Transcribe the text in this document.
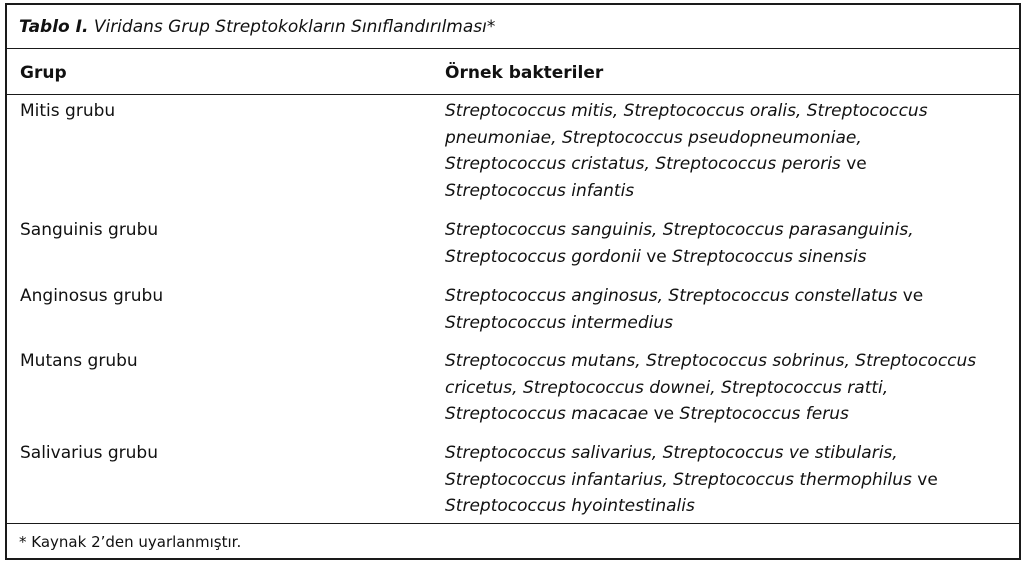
Tablo I. Viridans Grup Streptokokların Sınıflandırılması*
Grup	Örnek bakteriler
Mitis grubu	Streptococcus mitis, Streptococcus oralis, Streptococcus
pneumoniae, Streptococcus pseudopneumoniae,
Streptococcus cristatus, Streptococcus peroris ve
Streptococcus infantis
Sanguinis grubu	Streptococcus sanguinis, Streptococcus parasanguinis,
Streptococcus gordonii ve Streptococcus sinensis
Anginosus grubu	Streptococcus anginosus, Streptococcus constellatus ve
Streptococcus intermedius
Mutans grubu	Streptococcus mutans, Streptococcus sobrinus, Streptococcus
cricetus, Streptococcus downei, Streptococcus ratti,
Streptococcus macacae ve Streptococcus ferus
Salivarius grubu	Streptococcus salivarius, Streptococcus ve stibularis,
Streptococcus infantarius, Streptococcus thermophilus ve
Streptococcus hyointestinalis
* Kaynak 2’den uyarlanmıştır.
